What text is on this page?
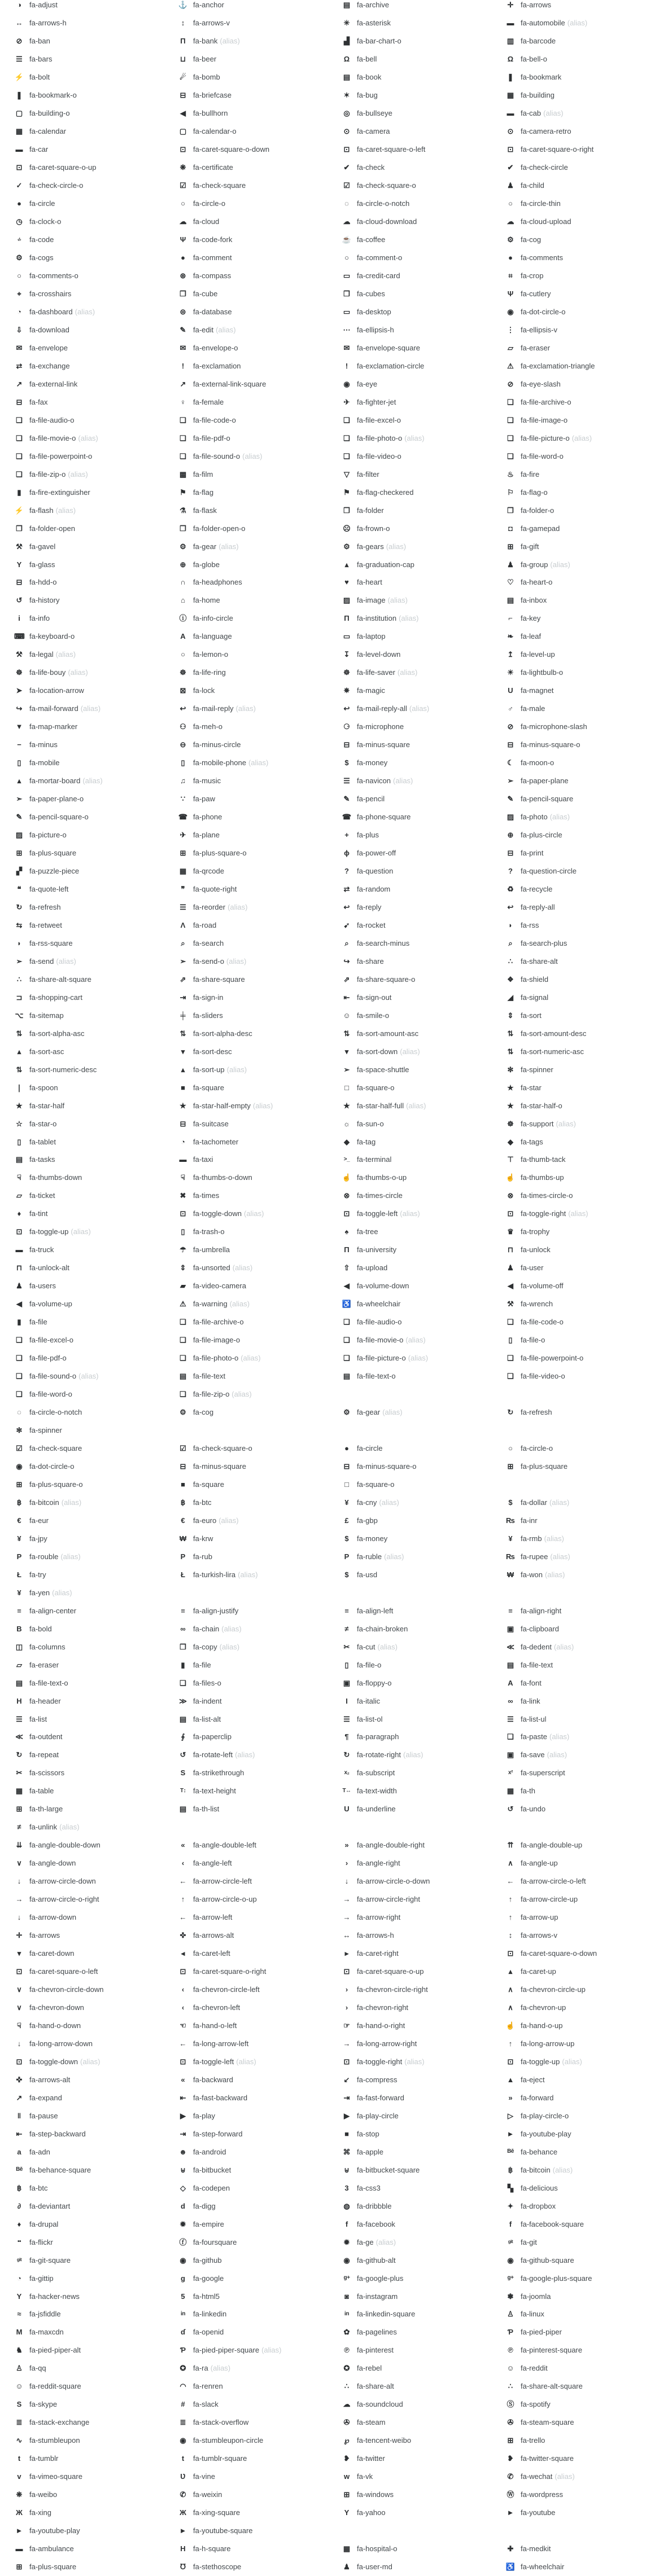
◑	fa-adjust	⚓ fa-anchor	▤ fa-archive	✛ fa-arrows
↔ fa-arrows-h	↕	fa-arrows-v	✳ fa-asterisk	▬ fa-automobile (alias)
⊘ fa-ban	Π	fa-bank (alias)	▟	fa-bar-chart-o	▥ fa-barcode
☰ fa-bars	⊔ fa-beer	Ω fa-bell	Ω fa-bell-o
⚡ fa-bolt	☄ fa-bomb	▤ fa-book	❚ fa-bookmark
❚ fa-bookmark-o	⊟ fa-briefcase	✶ fa-bug	▦ fa-building
▢ fa-building-o	◀	fa-bullhorn	◎ fa-bullseye	▬ fa-cab (alias)
▦ fa-calendar	▢ fa-calendar-o	⊙ fa-camera	⊙ fa-camera-retro
▬ fa-car	⊡ fa-caret-square-o-down	⊡ fa-caret-square-o-left	⊡ fa-caret-square-o-right
⊡ fa-caret-square-o-up	❋ fa-certificate	✔ fa-check	✔ fa-check-circle
✓ fa-check-circle-o	☑ fa-check-square	☑ fa-check-square-o	♟ fa-child
●	fa-circle	○	fa-circle-o	◌	fa-circle-o-notch	○	fa-circle-thin
◷ fa-clock-o	☁ fa-cloud	☁ fa-cloud-download	☁ fa-cloud-upload
‹/›	fa-code	Ψ fa-code-fork	☕ fa-coffee	⚙ fa-cog
⚙ fa-cogs	●	fa-comment	○	fa-comment-o	●	fa-comments
○	fa-comments-o	⊛ fa-compass	▭ fa-credit-card	⌗	fa-crop
⌖	fa-crosshairs	❒ fa-cube	❒ fa-cubes	Ψ fa-cutlery
◔	fa-dashboard (alias)	⊜ fa-database	▭ fa-desktop	◉ fa-dot-circle-o
⇩ fa-download	✎ fa-edit (alias)	⋯ fa-ellipsis-h	⋮ fa-ellipsis-v
✉ fa-envelope	✉ fa-envelope-o	✉ fa-envelope-square	▱	fa-eraser
⇄ fa-exchange	!	fa-exclamation	!	fa-exclamation-circle	⚠ fa-exclamation-triangle
↗ fa-external-link	↗ fa-external-link-square	◉ fa-eye	⊘ fa-eye-slash
⊟ fa-fax	♀	fa-female	✈ fa-fighter-jet	❏ fa-file-archive-o
❏ fa-file-audio-o	❏ fa-file-code-o	❏ fa-file-excel-o	❏ fa-file-image-o
❏ fa-file-movie-o (alias)	❏ fa-file-pdf-o	❏ fa-file-photo-o (alias)	❏ fa-file-picture-o (alias)
❏ fa-file-powerpoint-o	❏ fa-file-sound-o (alias)	❏ fa-file-video-o	❏ fa-file-word-o
❏ fa-file-zip-o (alias)	▩ fa-film	▽	fa-filter	♨ fa-fire
▮	fa-fire-extinguisher	⚑ fa-flag	⚑ fa-flag-checkered	⚐ fa-flag-o
⚡ fa-flash (alias)	⚗ fa-flask	❒ fa-folder	❐ fa-folder-o
❒ fa-folder-open	❐ fa-folder-open-o	☹ fa-frown-o	◘	fa-gamepad
⚒ fa-gavel	⚙ fa-gear (alias)	⚙ fa-gears (alias)	⊞ fa-gift
Y	fa-glass	⊕ fa-globe	▴	fa-graduation-cap	♟ fa-group (alias)
⊟ fa-hdd-o	∩	fa-headphones	♥	fa-heart	♡ fa-heart-o
↺ fa-history	⌂	fa-home	▨ fa-image (alias)	▤ fa-inbox
i	fa-info	ⓘ fa-info-circle	Π	fa-institution (alias)	⌐	fa-key
⌨ fa-keyboard-o	A	fa-language	▭ fa-laptop	❧ fa-leaf
⚒ fa-legal (alias)	○	fa-lemon-o	↧ fa-level-down	↥ fa-level-up
☸ fa-life-bouy (alias)	☸ fa-life-ring	☸ fa-life-saver (alias)	☀ fa-lightbulb-o
➤ fa-location-arrow	⊠ fa-lock	✵ fa-magic	U	fa-magnet
↪ fa-mail-forward (alias)	↩ fa-mail-reply (alias)	↩ fa-mail-reply-all (alias)	♂	fa-male
▼ fa-map-marker	⚇ fa-meh-o	⚆ fa-microphone	⊘ fa-microphone-slash
−	fa-minus	⊖ fa-minus-circle	⊟ fa-minus-square	⊟ fa-minus-square-o
▯	fa-mobile	▯	fa-mobile-phone (alias)	$	fa-money	☾ fa-moon-o
▴	fa-mortar-board (alias)	♫	fa-music	☰ fa-navicon (alias)	➢ fa-paper-plane
➣ fa-paper-plane-o	∵	fa-paw	✎ fa-pencil	✎ fa-pencil-square
✎ fa-pencil-square-o	☎ fa-phone	☎ fa-phone-square	▨ fa-photo (alias)
▨ fa-picture-o	✈ fa-plane	+	fa-plus	⊕ fa-plus-circle
⊞ fa-plus-square	⊞ fa-plus-square-o	ϕ	fa-power-off	⊟ fa-print
▞	fa-puzzle-piece	▦ fa-qrcode	?	fa-question	?	fa-question-circle
❝	fa-quote-left	❞	fa-quote-right	⇄ fa-random	♻ fa-recycle
↻ fa-refresh	☰ fa-reorder (alias)	↩ fa-reply	↩ fa-reply-all
⇆ fa-retweet	Λ	fa-road	➹ fa-rocket	◗	fa-rss
◗	fa-rss-square	⌕	fa-search	⌕	fa-search-minus	⌕	fa-search-plus
➢ fa-send (alias)	➣ fa-send-o (alias)	↪ fa-share	∴	fa-share-alt
∴	fa-share-alt-square	⇗ fa-share-square	⇗ fa-share-square-o	❖ fa-shield
⊐ fa-shopping-cart	⇥ fa-sign-in	⇤ fa-sign-out	◢	fa-signal
⌥ fa-sitemap	╪	fa-sliders	☺ fa-smile-o	⇕ fa-sort
⇅ fa-sort-alpha-asc	⇅ fa-sort-alpha-desc	⇅ fa-sort-amount-asc	⇅ fa-sort-amount-desc
▴	fa-sort-asc	▾	fa-sort-desc	▾	fa-sort-down (alias)	⇅ fa-sort-numeric-asc
⇅ fa-sort-numeric-desc	▴	fa-sort-up (alias)	➢ fa-space-shuttle	✻ fa-spinner
❘ fa-spoon	■	fa-square	□	fa-square-o	★ fa-star
✭ fa-star-half	✭ fa-star-half-empty (alias)	✭ fa-star-half-full (alias)	✭ fa-star-half-o
☆ fa-star-o	⊟ fa-suitcase	☼ fa-sun-o	☸ fa-support (alias)
▯	fa-tablet	◔	fa-tachometer	◆	fa-tag	◆	fa-tags
▤ fa-tasks	▬ fa-taxi	>_ fa-terminal	⊤ fa-thumb-tack
☟	fa-thumbs-down	☟	fa-thumbs-o-down	☝ fa-thumbs-o-up	☝ fa-thumbs-up
▱	fa-ticket	✖ fa-times	⊗ fa-times-circle	⊗ fa-times-circle-o
♦	fa-tint	⊡ fa-toggle-down (alias)	⊡ fa-toggle-left (alias)	⊡ fa-toggle-right (alias)
⊡ fa-toggle-up (alias)	▯	fa-trash-o	♠	fa-tree	♛ fa-trophy
▬ fa-truck	☂ fa-umbrella	Π	fa-university	⊓ fa-unlock
⊓ fa-unlock-alt	⇕ fa-unsorted (alias)	⇧ fa-upload	♟ fa-user
♟ fa-users	▰	fa-video-camera	◀	fa-volume-down	◀	fa-volume-off
◀	fa-volume-up	⚠ fa-warning (alias)	♿ fa-wheelchair	⚒ fa-wrench
▮	fa-file	❏ fa-file-archive-o	❏ fa-file-audio-o	❏ fa-file-code-o
❏ fa-file-excel-o	❏ fa-file-image-o	❏ fa-file-movie-o (alias)	▯	fa-file-o
❏ fa-file-pdf-o	❏ fa-file-photo-o (alias)	❏ fa-file-picture-o (alias)	❏ fa-file-powerpoint-o
❏ fa-file-sound-o (alias)	▤ fa-file-text	▤ fa-file-text-o	❏ fa-file-video-o
❏ fa-file-word-o	❏ fa-file-zip-o (alias)
◌	fa-circle-o-notch	⚙ fa-cog	⚙ fa-gear (alias)	↻ fa-refresh
✻ fa-spinner
☑ fa-check-square	☑ fa-check-square-o	●	fa-circle	○	fa-circle-o
◉ fa-dot-circle-o	⊟ fa-minus-square	⊟ fa-minus-square-o	⊞ fa-plus-square
⊞ fa-plus-square-o	■	fa-square	□	fa-square-o
฿	fa-bitcoin (alias)	฿	fa-btc	¥	fa-cny (alias)	$	fa-dollar (alias)
€	fa-eur	€	fa-euro (alias)	£	fa-gbp	₨ fa-inr
¥	fa-jpy	₩ fa-krw	$	fa-money	¥	fa-rmb (alias)
Р	fa-rouble (alias)	Р	fa-rub	Р	fa-ruble (alias)	₨ fa-rupee (alias)
Ł	fa-try	Ł	fa-turkish-lira (alias)	$	fa-usd	₩ fa-won (alias)
¥	fa-yen (alias)
≡	fa-align-center	≡	fa-align-justify	≡	fa-align-left	≡	fa-align-right
B	fa-bold	∞	fa-chain (alias)	≠	fa-chain-broken	▣ fa-clipboard
◫ fa-columns	❐ fa-copy (alias)	✂ fa-cut (alias)	≪ fa-dedent (alias)
▱	fa-eraser	▮	fa-file	▯	fa-file-o	▤ fa-file-text
▤ fa-file-text-o	❑ fa-files-o	▣ fa-floppy-o	A	fa-font
H	fa-header	≫ fa-indent	I	fa-italic	∞	fa-link
☰ fa-list	▤ fa-list-alt	☰ fa-list-ol	☰ fa-list-ul
≪ fa-outdent	∮	fa-paperclip	¶	fa-paragraph	❏ fa-paste (alias)
↻ fa-repeat	↺ fa-rotate-left (alias)	↻ fa-rotate-right (alias)	▣ fa-save (alias)
✂ fa-scissors	S	fa-strikethrough	x₂	fa-subscript	x²	fa-superscript
▦ fa-table	T↕ fa-text-height	T↔ fa-text-width	▦ fa-th
⊞ fa-th-large	▤ fa-th-list	U	fa-underline	↺ fa-undo
≠	fa-unlink (alias)
⇊ fa-angle-double-down	«	fa-angle-double-left	»	fa-angle-double-right	⇈ fa-angle-double-up
∨	fa-angle-down	‹	fa-angle-left	›	fa-angle-right	∧	fa-angle-up
↓	fa-arrow-circle-down	← fa-arrow-circle-left	↓	fa-arrow-circle-o-down	← fa-arrow-circle-o-left
→ fa-arrow-circle-o-right	↑	fa-arrow-circle-o-up	→ fa-arrow-circle-right	↑	fa-arrow-circle-up
↓	fa-arrow-down	← fa-arrow-left	→ fa-arrow-right	↑	fa-arrow-up
✛ fa-arrows	✜ fa-arrows-alt	↔ fa-arrows-h	↕	fa-arrows-v
▾	fa-caret-down	◂	fa-caret-left	▸	fa-caret-right	⊡ fa-caret-square-o-down
⊡ fa-caret-square-o-left	⊡ fa-caret-square-o-right	⊡ fa-caret-square-o-up	▴	fa-caret-up
∨	fa-chevron-circle-down	‹	fa-chevron-circle-left	›	fa-chevron-circle-right	∧	fa-chevron-circle-up
∨	fa-chevron-down	‹	fa-chevron-left	›	fa-chevron-right	∧	fa-chevron-up
☟	fa-hand-o-down	☜ fa-hand-o-left	☞ fa-hand-o-right	☝ fa-hand-o-up
↓	fa-long-arrow-down	← fa-long-arrow-left	→ fa-long-arrow-right	↑	fa-long-arrow-up
⊡ fa-toggle-down (alias)	⊡ fa-toggle-left (alias)	⊡ fa-toggle-right (alias)	⊡ fa-toggle-up (alias)
✜ fa-arrows-alt	«	fa-backward	↙ fa-compress	▲ fa-eject
↗ fa-expand	⇤ fa-fast-backward	⇥ fa-fast-forward	»	fa-forward
‖	fa-pause	▶	fa-play	▶	fa-play-circle	▷	fa-play-circle-o
⇤ fa-step-backward	⇥ fa-step-forward	■	fa-stop	► fa-youtube-play
a	fa-adn	☻ fa-android	⌘ fa-apple	Bē fa-behance
Bē fa-behance-square	⊎	fa-bitbucket	⊎	fa-bitbucket-square	฿	fa-bitcoin (alias)
฿	fa-btc	◇	fa-codepen	3	fa-css3	▚	fa-delicious
∂	fa-deviantart	d	fa-digg	◍ fa-dribbble	✦ fa-dropbox
♦	fa-drupal	✹ fa-empire	f	fa-facebook	f	fa-facebook-square
••	fa-flickr	ⓕ fa-foursquare	✹ fa-ge (alias)	git	fa-git
git	fa-git-square	◉ fa-github	◉ fa-github-alt	◉ fa-github-square
◔	fa-gittip	g	fa-google	g+ fa-google-plus	g+ fa-google-plus-square
Y	fa-hacker-news	5	fa-html5	◙	fa-instagram	❃ fa-joomla
≈	fa-jsfiddle	in	fa-linkedin	in	fa-linkedin-square	♙ fa-linux
M fa-maxcdn	ɗ	fa-openid	✿ fa-pagelines	Ƥ fa-pied-piper
♞ fa-pied-piper-alt	Ƥ fa-pied-piper-square (alias)	℗	fa-pinterest	℗	fa-pinterest-square
♙ fa-qq	✪ fa-ra (alias)	✪ fa-rebel	☺ fa-reddit
☺ fa-reddit-square	◠ fa-renren	∴	fa-share-alt	∴	fa-share-alt-square
S	fa-skype	#	fa-slack	☁ fa-soundcloud	Ⓢ fa-spotify
≣ fa-stack-exchange	≣ fa-stack-overflow	✇ fa-steam	✇ fa-steam-square
∿ fa-stumbleupon	◉ fa-stumbleupon-circle	℘	fa-tencent-weibo	⊞ fa-trello
t	fa-tumblr	t	fa-tumblr-square	❥ fa-twitter	❥ fa-twitter-square
v	fa-vimeo-square	Ʋ	fa-vine	w fa-vk	✆ fa-wechat (alias)
❋ fa-weibo	✆ fa-weixin	⊞ fa-windows	Ⓦ fa-wordpress
Ж fa-xing	Ж fa-xing-square	Y	fa-yahoo	► fa-youtube
► fa-youtube-play	► fa-youtube-square
▬ fa-ambulance	H	fa-h-square	▦ fa-hospital-o	✚ fa-medkit
⊞ fa-plus-square	℧	fa-stethoscope	♟ fa-user-md	♿ fa-wheelchair
